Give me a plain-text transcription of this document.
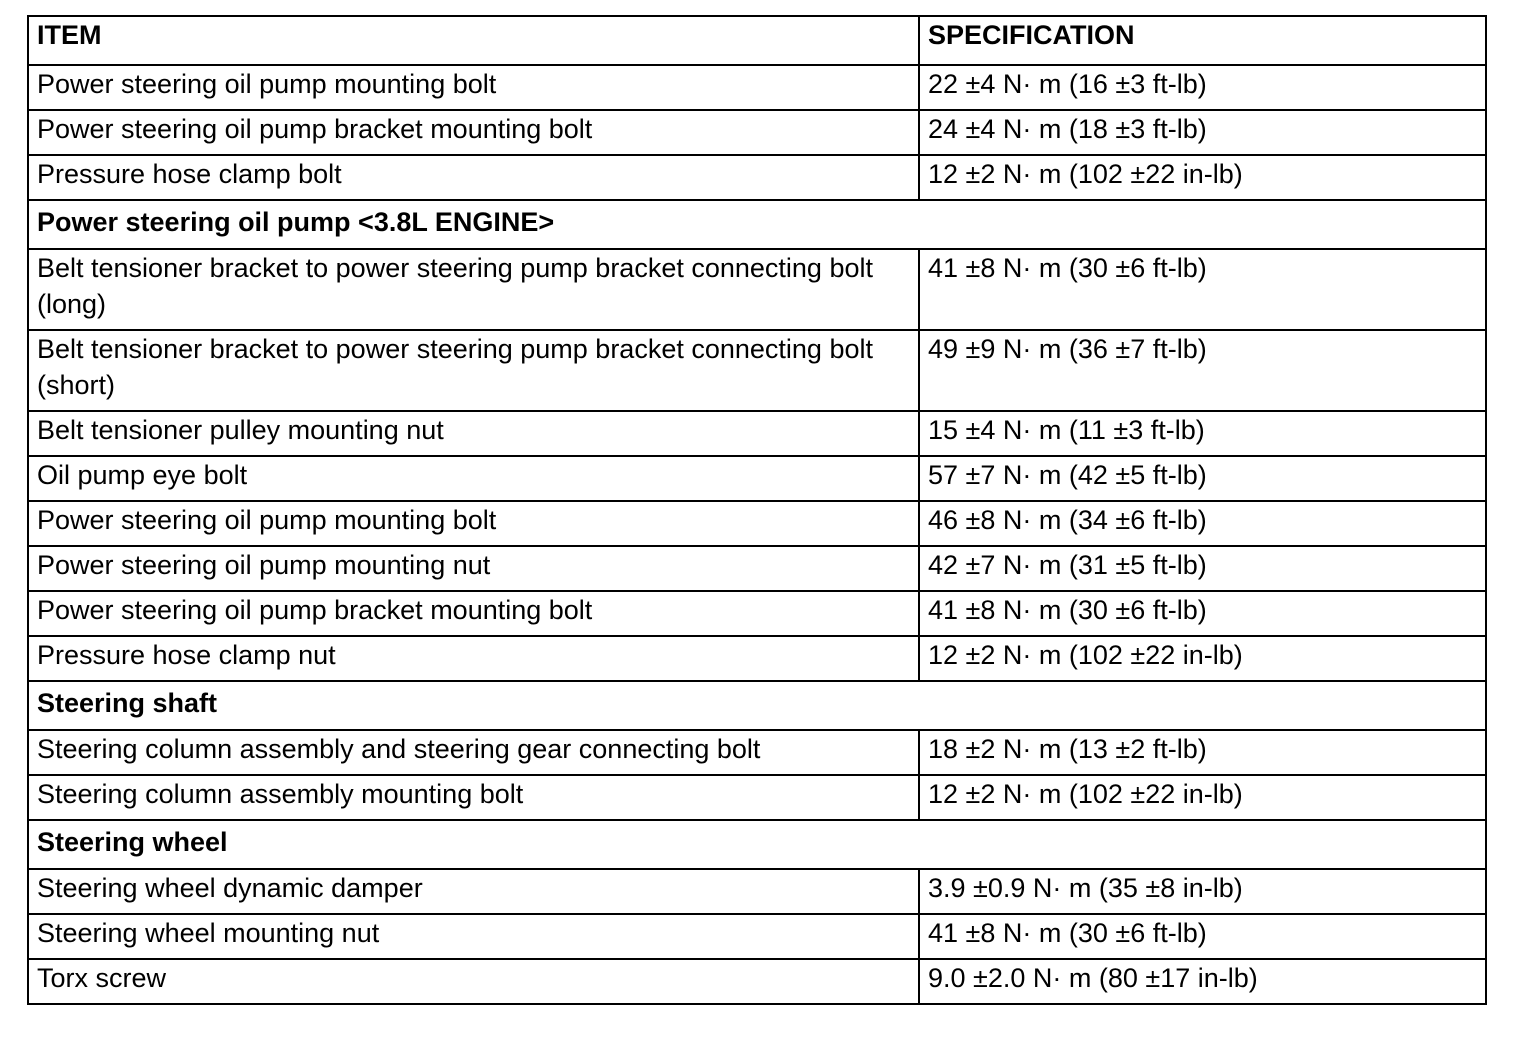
ITEM	SPECIFICATION
Power steering oil pump mounting bolt	22 ±4 N· m (16 ±3 ft-lb)
Power steering oil pump bracket mounting bolt	24 ±4 N· m (18 ±3 ft-lb)
Pressure hose clamp bolt	12 ±2 N· m (102 ±22 in-lb)
Power steering oil pump <3.8L ENGINE>	
Belt tensioner bracket to power steering pump bracket connecting bolt (long)	41 ±8 N· m (30 ±6 ft-lb)
Belt tensioner bracket to power steering pump bracket connecting bolt (short)	49 ±9 N· m (36 ±7 ft-lb)
Belt tensioner pulley mounting nut	15 ±4 N· m (11 ±3 ft-lb)
Oil pump eye bolt	57 ±7 N· m (42 ±5 ft-lb)
Power steering oil pump mounting bolt	46 ±8 N· m (34 ±6 ft-lb)
Power steering oil pump mounting nut	42 ±7 N· m (31 ±5 ft-lb)
Power steering oil pump bracket mounting bolt	41 ±8 N· m (30 ±6 ft-lb)
Pressure hose clamp nut	12 ±2 N· m (102 ±22 in-lb)
Steering shaft	
Steering column assembly and steering gear connecting bolt	18 ±2 N· m (13 ±2 ft-lb)
Steering column assembly mounting bolt	12 ±2 N· m (102 ±22 in-lb)
Steering wheel	
Steering wheel dynamic damper	3.9 ±0.9 N· m (35 ±8 in-lb)
Steering wheel mounting nut	41 ±8 N· m (30 ±6 ft-lb)
Torx screw	9.0 ±2.0 N· m (80 ±17 in-lb)
